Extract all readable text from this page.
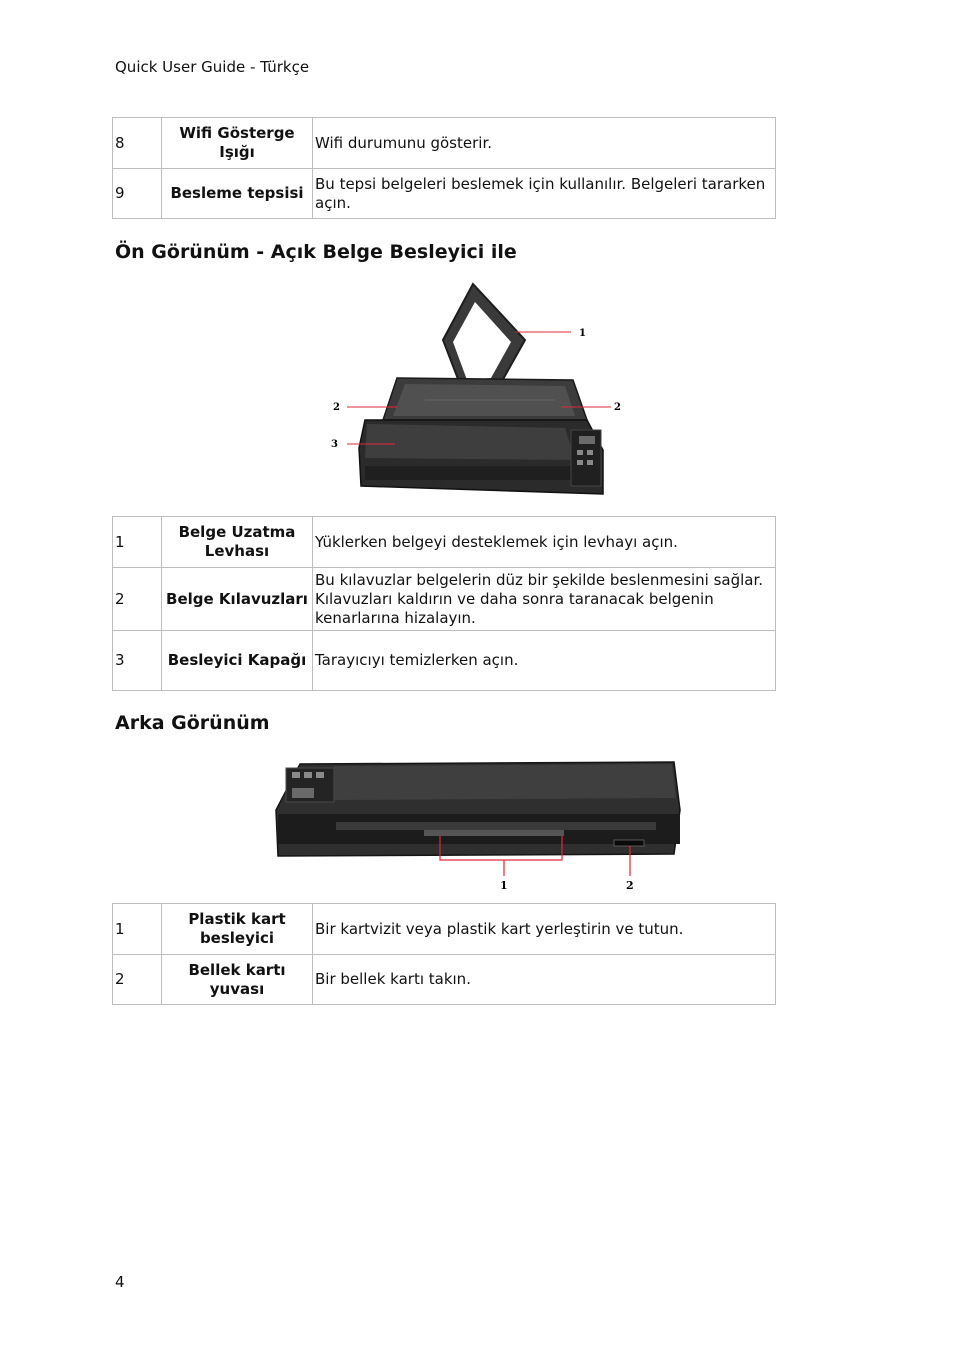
Quick User Guide - Türkçe
8	Wifi Gösterge Işığı	Wifi durumunu gösterir.
9	Besleme tepsisi	Bu tepsi belgeleri beslemek için kullanılır. Belgeleri tararken açın.
Ön Görünüm - Açık Belge Besleyici ile
1
2	2
3
1	Belge Uzatma Levhası	Yüklerken belgeyi desteklemek için levhayı açın.
2	Belge Kılavuzları	Bu kılavuzlar belgelerin düz bir şekilde beslenmesini sağlar. Kılavuzları kaldırın ve daha sonra taranacak belgenin kenarlarına hizalayın.
3	Besleyici Kapağı	Tarayıcıyı temizlerken açın.
Arka Görünüm
1	2
1	Plastik kart besleyici	Bir kartvizit veya plastik kart yerleştirin ve tutun.
2	Bellek kartı yuvası	Bir bellek kartı takın.
4
